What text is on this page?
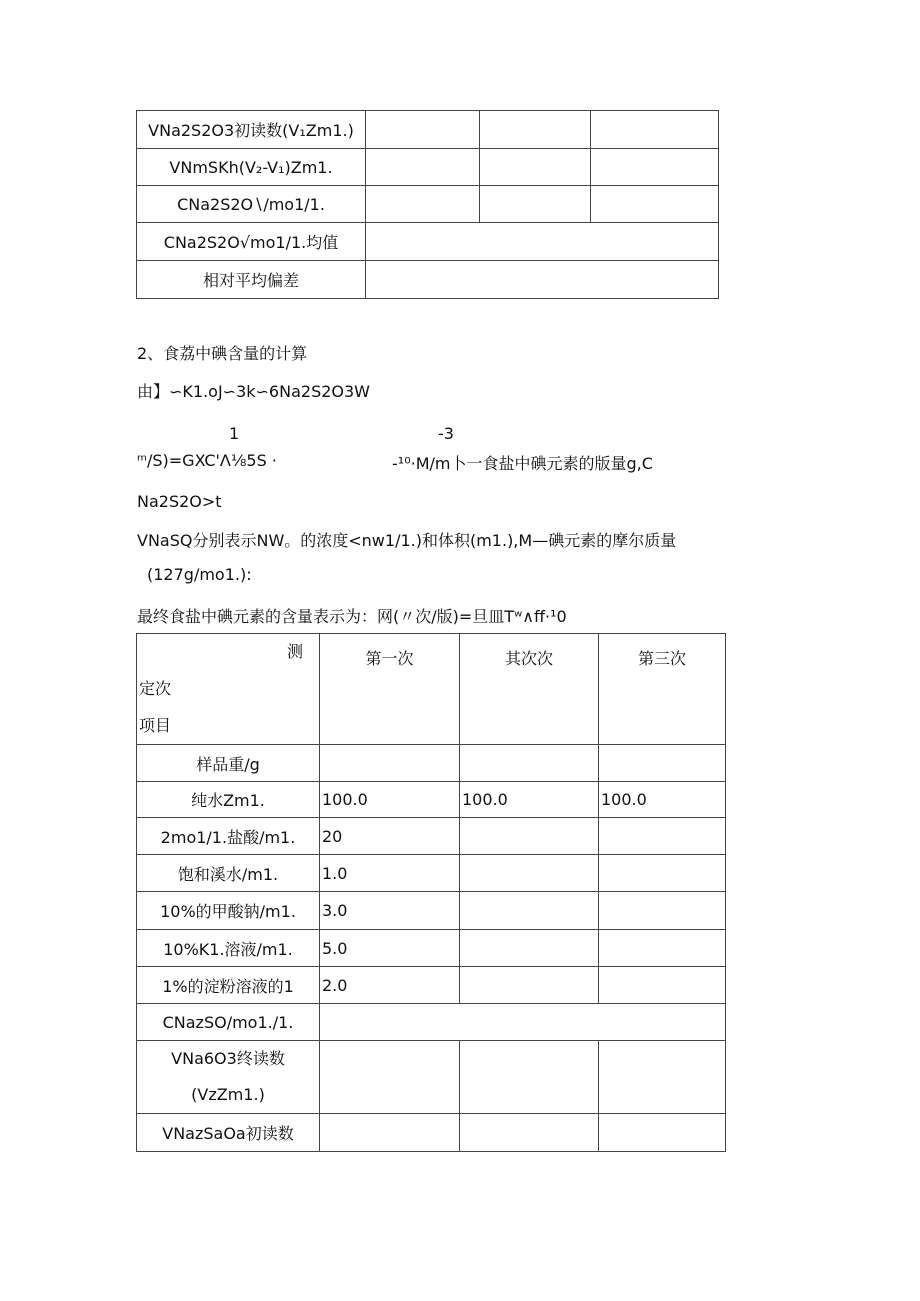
VNa2S2O3初读数(V₁Zm1.)			
VNmSKh(V₂-V₁)Zm1.			
CNa2S2O∖/mo1/1.			
CNa2S2O√mo1/1.均值			
相对平均偏差			
2、食荔中碘含量的计算
由】∽K1.oJ∽3k∽6Na2S2O3W
1	-3
ᵐ/S)=GXC'Λ⅛5S ·	-¹⁰·M/m卜一食盐中碘元素的版量g,C
Na2S2O>t
VNaSQ分别表示NW。的浓度<nw1/1.)和体积(m1.),M—碘元素的摩尔质量
(127g∕mo1.):
最终食盐中碘元素的含量表示为：网(〃次/版)=旦皿Tʷ∧ff·¹0
测
定次
项目	第一次	其次次	第三次
样品重/g			
纯水Zm1.	100.0	100.0	100.0
2mo1/1.盐酸∕m1.	20		
饱和溪水∕m1.	1.0		
10%的甲酸钠∕m1.	3.0		
10%K1.溶液∕m1.	5.0		
1%的淀粉溶液的1	2.0		
CNazSO/mo1./1.			

VNa6O3终读数
(VzZm1.)			

VNazSaOa初读数			
